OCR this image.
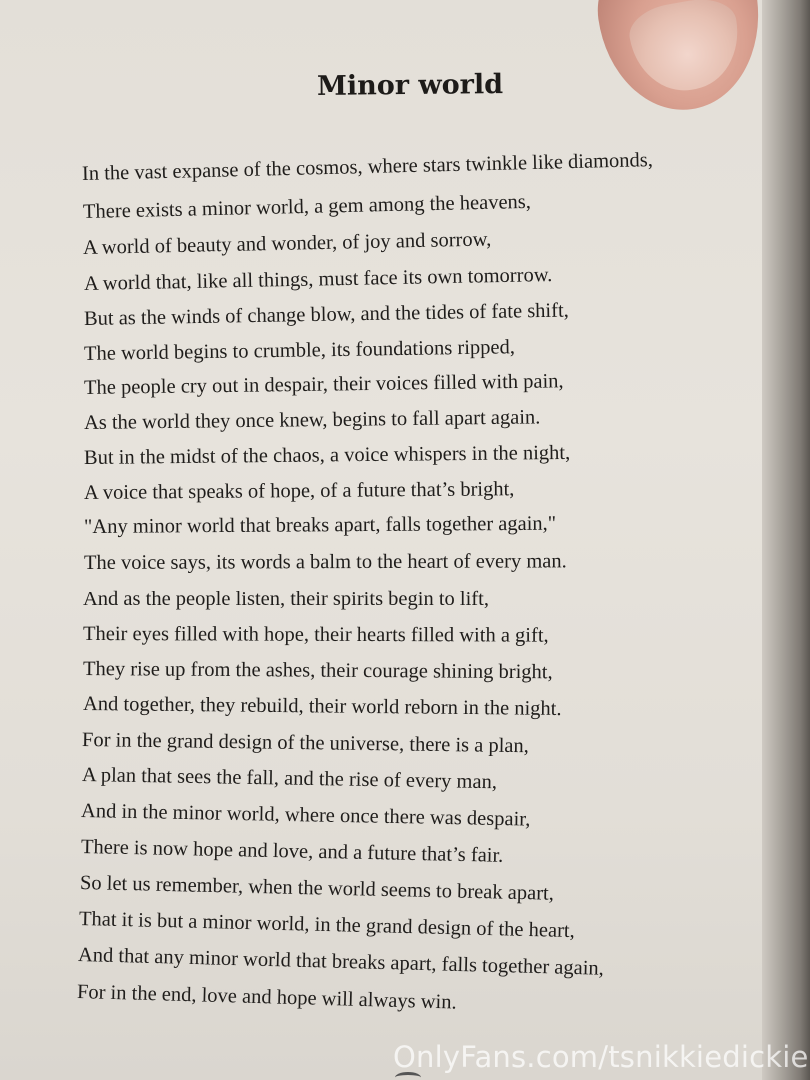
Minor world
In the vast expanse of the cosmos, where stars twinkle like diamonds,
There exists a minor world, a gem among the heavens,
A world of beauty and wonder, of joy and sorrow,
A world that, like all things, must face its own tomorrow.
But as the winds of change blow, and the tides of fate shift,
The world begins to crumble, its foundations ripped,
The people cry out in despair, their voices filled with pain,
As the world they once knew, begins to fall apart again.
But in the midst of the chaos, a voice whispers in the night,
A voice that speaks of hope, of a future that’s bright,
"Any minor world that breaks apart, falls together again,"
The voice says, its words a balm to the heart of every man.
And as the people listen, their spirits begin to lift,
Their eyes filled with hope, their hearts filled with a gift,
They rise up from the ashes, their courage shining bright,
And together, they rebuild, their world reborn in the night.
For in the grand design of the universe, there is a plan,
A plan that sees the fall, and the rise of every man,
And in the minor world, where once there was despair,
There is now hope and love, and a future that’s fair.
So let us remember, when the world seems to break apart,
That it is but a minor world, in the grand design of the heart,
And that any minor world that breaks apart, falls together again,
For in the end, love and hope will always win.
OnlyFans.com/tsnikkiedickie
